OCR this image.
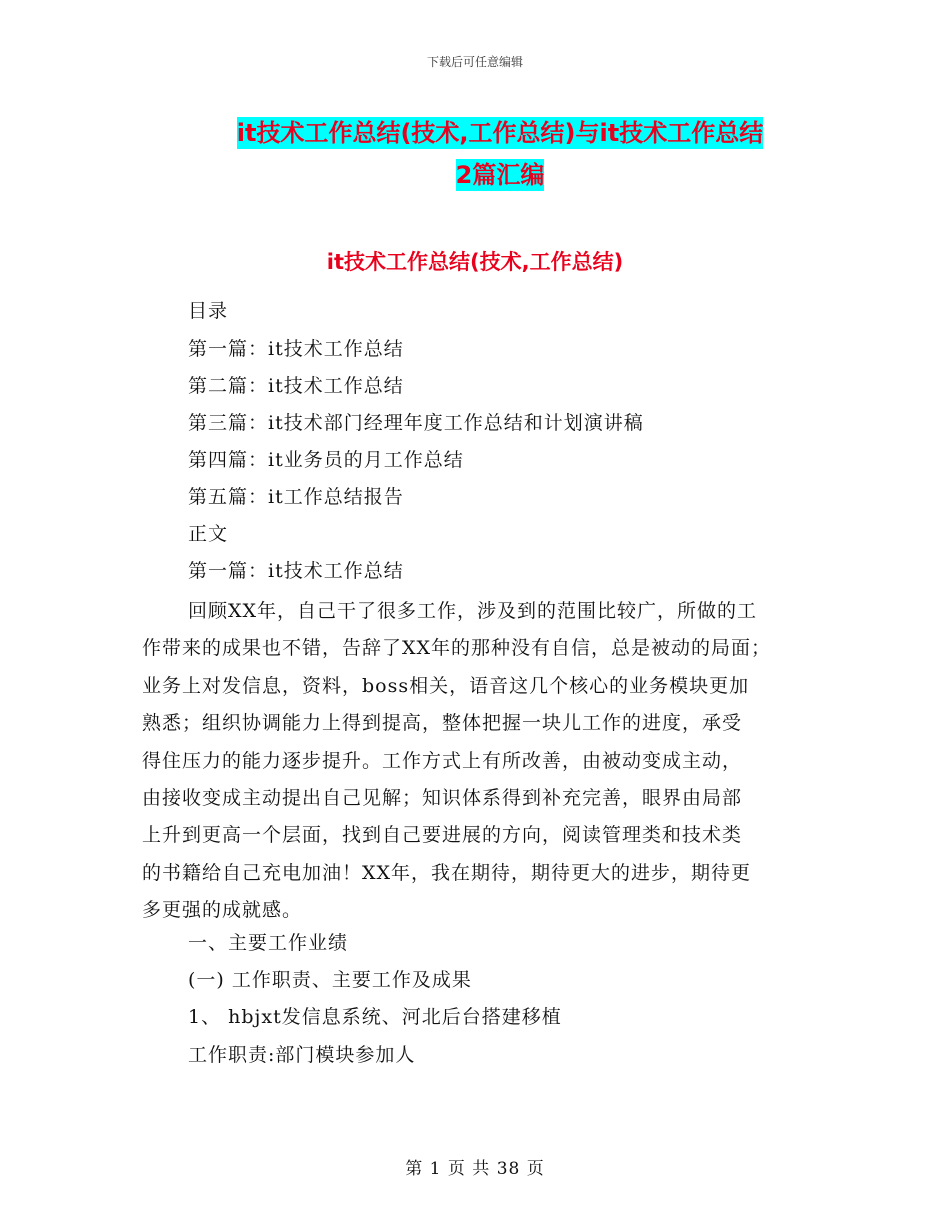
下载后可任意编辑
it技术工作总结(技术,工作总结)与it技术工作总结
2篇汇编
it技术工作总结(技术,工作总结)
目录
第一篇：it技术工作总结
第二篇：it技术工作总结
第三篇：it技术部门经理年度工作总结和计划演讲稿
第四篇：it业务员的月工作总结
第五篇：it工作总结报告
正文
第一篇：it技术工作总结
回顾XX年，自己干了很多工作，涉及到的范围比较广，所做的工
作带来的成果也不错，告辞了XX年的那种没有自信，总是被动的局面；
业务上对发信息，资料，boss相关，语音这几个核心的业务模块更加
熟悉；组织协调能力上得到提高，整体把握一块儿工作的进度，承受
得住压力的能力逐步提升。工作方式上有所改善，由被动变成主动，
由接收变成主动提出自己见解；知识体系得到补充完善，眼界由局部
上升到更高一个层面，找到自己要进展的方向，阅读管理类和技术类
的书籍给自己充电加油！XX年，我在期待，期待更大的进步，期待更
多更强的成就感。
一、主要工作业绩
(一) 工作职责、主要工作及成果
1、 hbjxt发信息系统、河北后台搭建移植
工作职责:部门模块参加人
第 1 页 共 38 页
